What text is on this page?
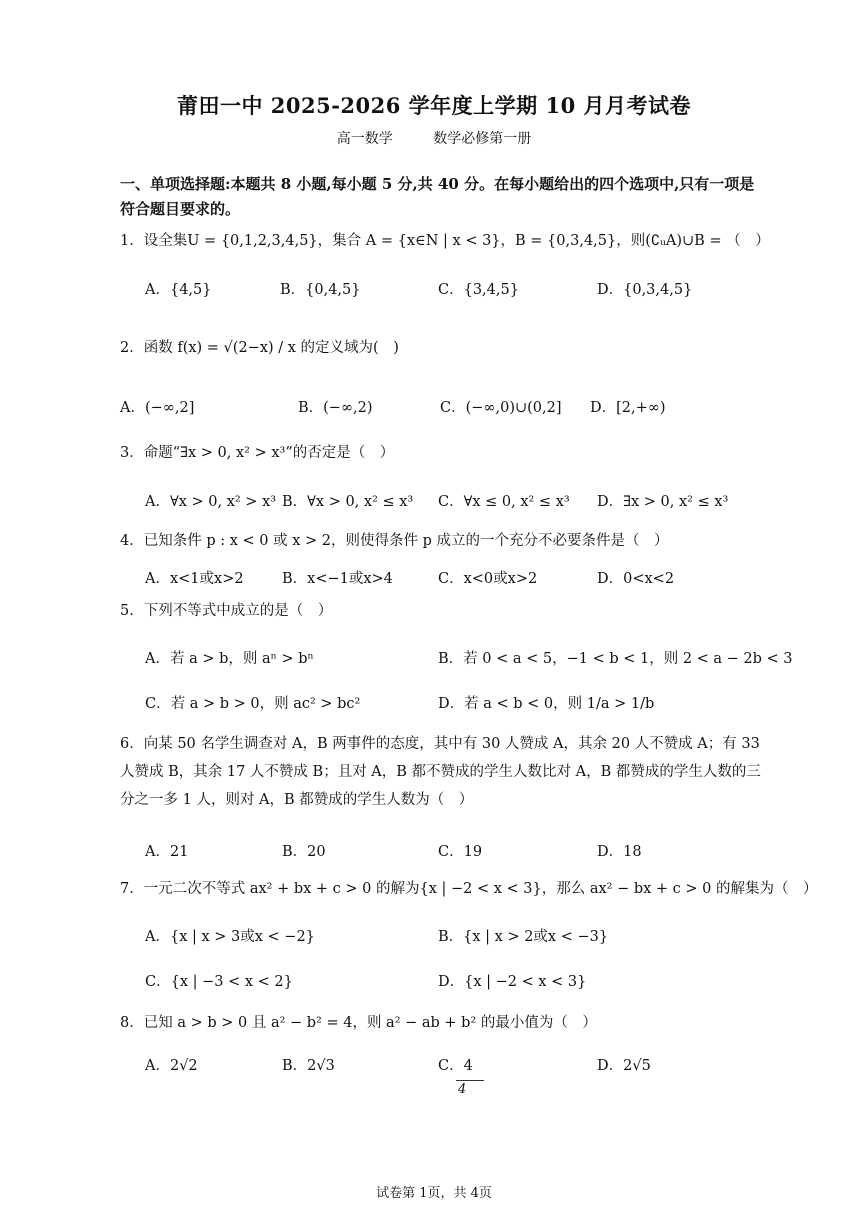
莆田一中 2025-2026 学年度上学期 10 月月考试卷
高一数学	数学必修第一册
一、单项选择题:本题共 8 小题,每小题 5 分,共 40 分。在每小题给出的四个选项中,只有一项是符合题目要求的。
1．设全集U = {0,1,2,3,4,5}，集合 A = {x∈N | x < 3}，B = {0,3,4,5}，则(∁ᵤA)∪B = （　）
A．{4,5}	B．{0,4,5}	C．{3,4,5}	D．{0,3,4,5}
2．函数 f(x) = √(2−x) / x 的定义域为(　)
A．(−∞,2]	B．(−∞,2)	C．(−∞,0)∪(0,2] D．[2,+∞)
3．命题“∃x > 0, x² > x³”的否定是（　）
A．∀x > 0, x² > x³ B．∀x > 0, x² ≤ x³ C．∀x ≤ 0, x² ≤ x³ D．∃x > 0, x² ≤ x³
4．已知条件 p : x < 0 或 x > 2，则使得条件 p 成立的一个充分不必要条件是（　）
A．x<1或x>2	B．x<−1或x>4	C．x<0或x>2	D．0<x<2
5．下列不等式中成立的是（　）
A．若 a > b，则 aⁿ > bⁿ	B．若 0 < a < 5，−1 < b < 1，则 2 < a − 2b < 3
C．若 a > b > 0，则 ac² > bc²	D．若 a < b < 0，则 1/a > 1/b
6．向某 50 名学生调查对 A，B 两事件的态度，其中有 30 人赞成 A，其余 20 人不赞成 A；有 33 人赞成 B，其余 17 人不赞成 B；且对 A，B 都不赞成的学生人数比对 A，B 都赞成的学生人数的三分之一多 1 人，则对 A，B 都赞成的学生人数为（　）
A．21	B．20	C．19	D．18
7．一元二次不等式 ax² + bx + c > 0 的解为{x | −2 < x < 3}，那么 ax² − bx + c > 0 的解集为（　）
A．{x | x > 3或x < −2}	B．{x | x > 2或x < −3}
C．{x | −3 < x < 2}	D．{x | −2 < x < 3}
8．已知 a > b > 0 且 a² − b² = 4，则 a² − ab + b² 的最小值为（　）
A．2√2	B．2√3	C．4	D．2√5
4
试卷第 1页，共 4页
